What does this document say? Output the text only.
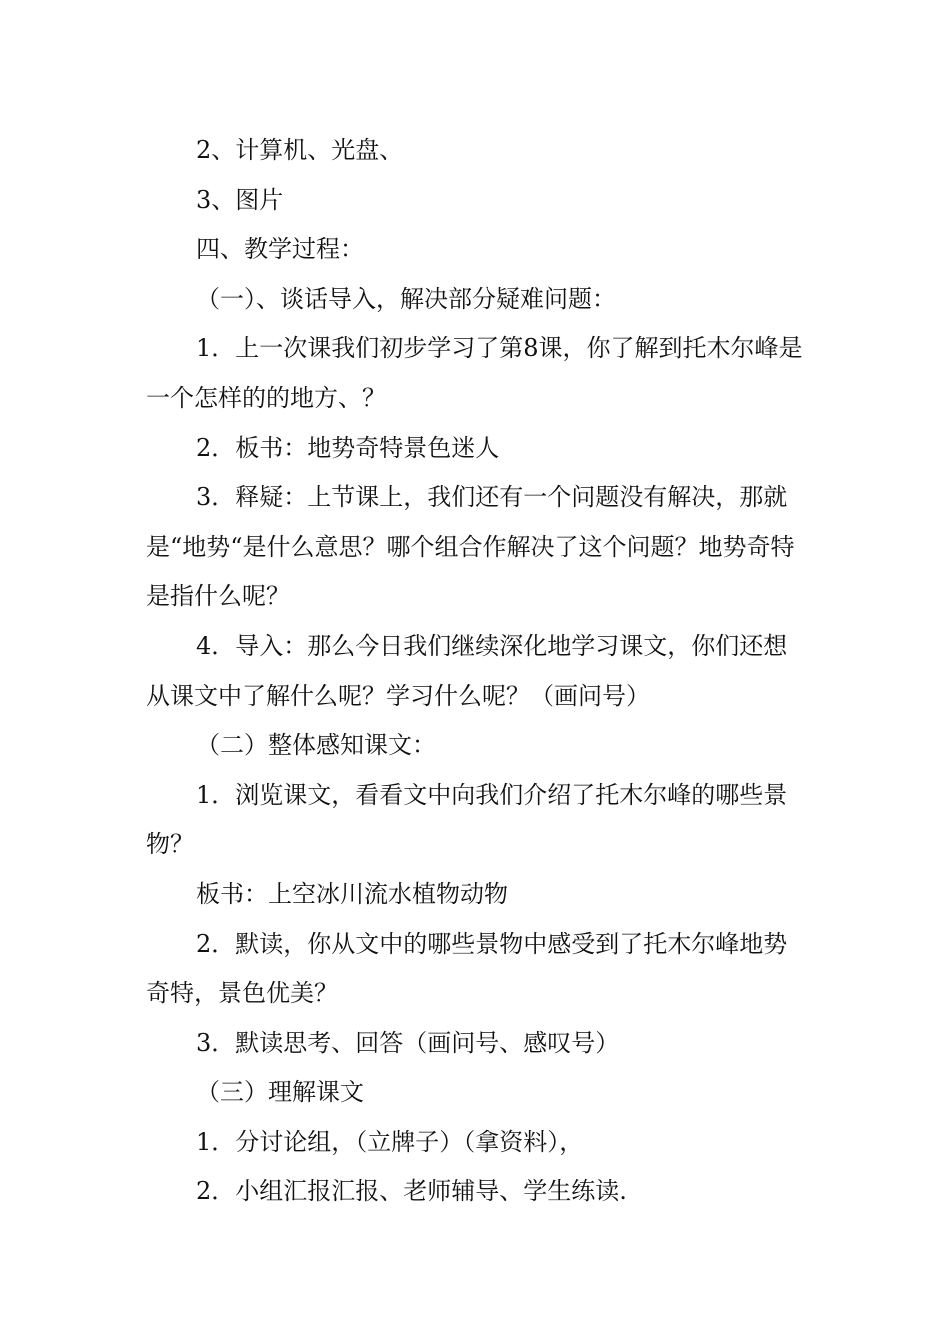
2、计算机、光盘、

3、图片

四、教学过程：

（一）、谈话导入，解决部分疑难问题：

1．上一次课我们初步学习了第8课，你了解到托木尔峰是一个怎样的的地方、？

2．板书：地势奇特景色迷人

3．释疑：上节课上，我们还有一个问题没有解决，那就是“地势“是什么意思？哪个组合作解决了这个问题？地势奇特是指什么呢？

4．导入：那么今日我们继续深化地学习课文，你们还想从课文中了解什么呢？学习什么呢？（画问号）

（二）整体感知课文：

1．浏览课文，看看文中向我们介绍了托木尔峰的哪些景物？

板书：上空冰川流水植物动物

2．默读，你从文中的哪些景物中感受到了托木尔峰地势奇特，景色优美？

3．默读思考、回答（画问号、感叹号）

（三）理解课文

1．分讨论组，（立牌子）（拿资料），

2．小组汇报汇报、老师辅导、学生练读.
